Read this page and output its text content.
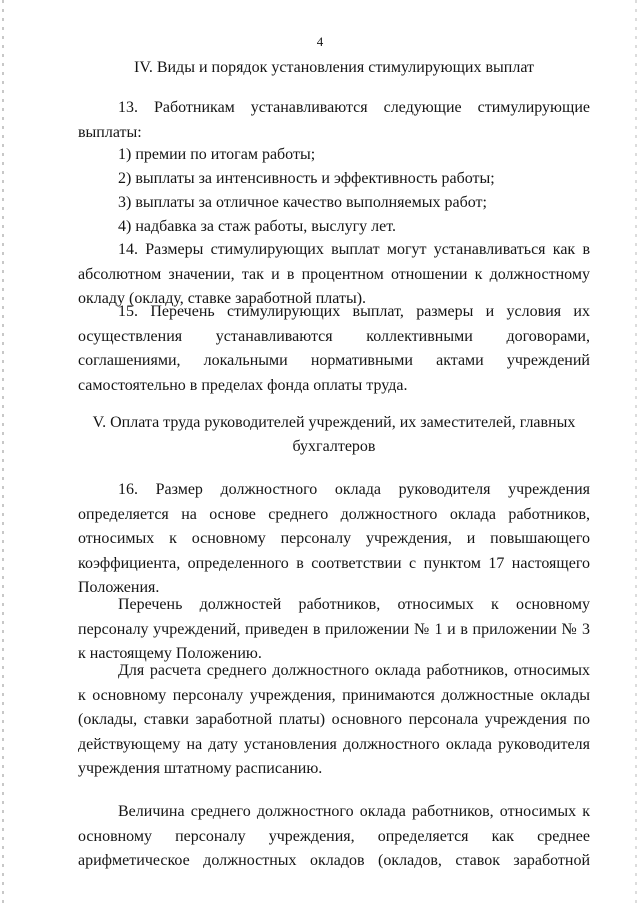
4
IV. Виды и порядок установления стимулирующих выплат

13. Работникам устанавливаются следующие стимулирующие выплаты:

1) премии по итогам работы;
2) выплаты за интенсивность и эффективность работы;
3) выплаты за отличное качество выполняемых работ;
4) надбавка за стаж работы, выслугу лет.

14. Размеры стимулирующих выплат могут устанавливаться как в абсолютном значении, так и в процентном отношении к должностному окладу (окладу, ставке заработной платы).

15. Перечень стимулирующих выплат, размеры и условия их осуществления устанавливаются коллективными договорами, соглашениями, локальными нормативными актами учреждений самостоятельно в пределах фонда оплаты труда.

V. Оплата труда руководителей учреждений, их заместителей, главных
бухгалтеров

16. Размер должностного оклада руководителя учреждения определяется на основе среднего должностного оклада работников, относимых к основному персоналу учреждения, и повышающего коэффициента, определенного в соответствии с пунктом 17 настоящего Положения.

Перечень должностей работников, относимых к основному персоналу учреждений, приведен в приложении № 1 и в приложении № 3 к настоящему Положению.

Для расчета среднего должностного оклада работников, относимых к основному персоналу учреждения, принимаются должностные оклады (оклады, ставки заработной платы) основного персонала учреждения по действующему на дату установления должностного оклада руководителя учреждения штатному расписанию.

Величина среднего должностного оклада работников, относимых к основному персоналу учреждения, определяется как среднее арифметическое должностных окладов (окладов, ставок заработной
